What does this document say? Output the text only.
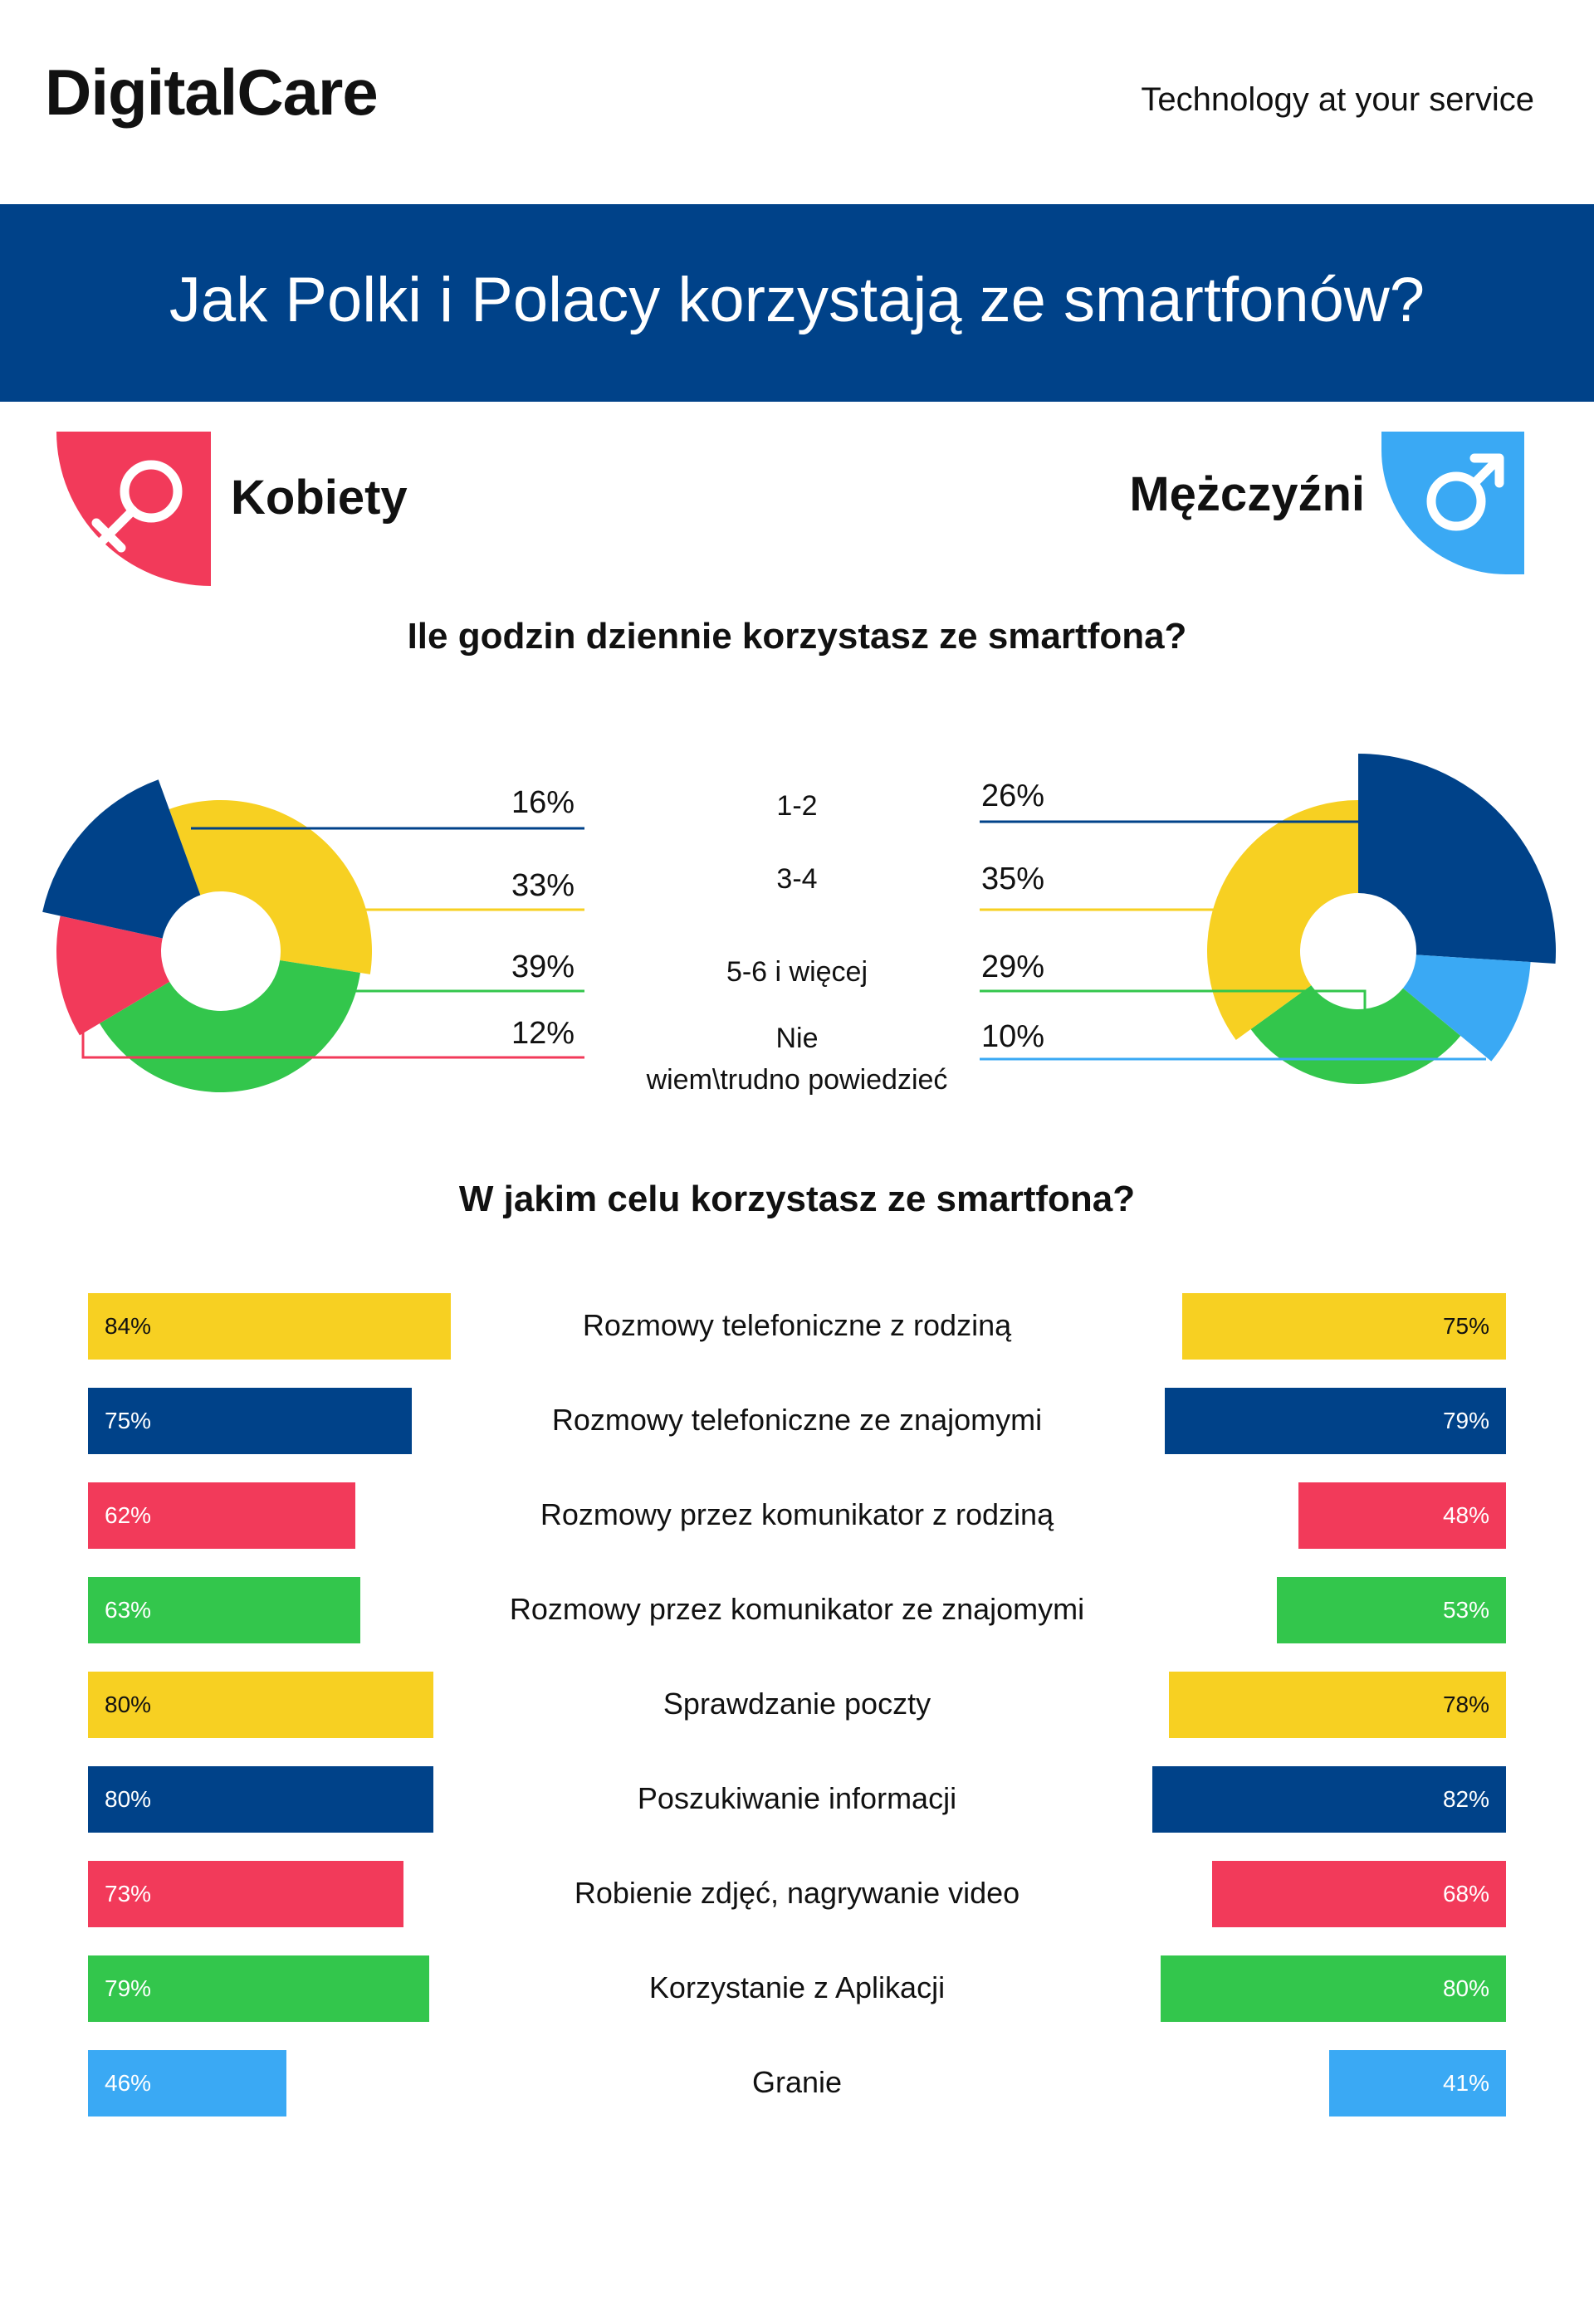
DigitalCare	Technology at your service
Jak Polki i Polacy korzystają ze smartfonów?
Kobiety	Mężczyźni
Ile godzin dziennie korzystasz ze smartfona?
16%
33%
39%
12%
1-2
3-4
5-6 i więcej
Nie
wiem\trudno powiedzieć
26%
35%
29%
10%
W jakim celu korzystasz ze smartfona?
84%	Rozmowy telefoniczne z rodziną	75%
75%	Rozmowy telefoniczne ze znajomymi	79%
62%	Rozmowy przez komunikator z rodziną	48%
63%	Rozmowy przez komunikator ze znajomymi	53%
80%	Sprawdzanie poczty	78%
80%	Poszukiwanie informacji	82%
73%	Robienie zdjęć, nagrywanie video	68%
79%	Korzystanie z Aplikacji	80%
46%	Granie	41%
